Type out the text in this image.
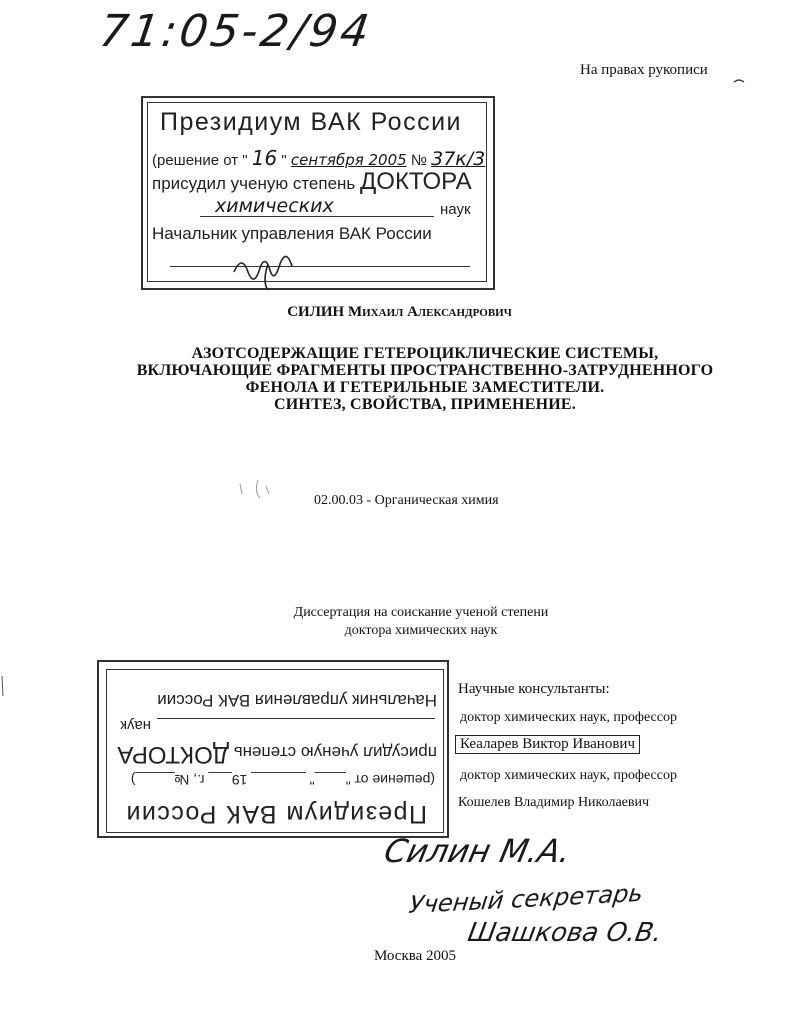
71:05-2/94
На правах рукописи
Президиум ВАК России
(решение от " 16 " сентября 2005 № 37к/3
присудил ученую степень ДОКТОРА
химических	наук
Начальник управления ВАК России
СИЛИН Михаил Александрович
АЗОТСОДЕРЖАЩИЕ ГЕТЕРОЦИКЛИЧЕСКИЕ СИСТЕМЫ,
ВКЛЮЧАЮЩИЕ ФРАГМЕНТЫ ПРОСТРАНСТВЕННО-ЗАТРУДНЕННОГО
ФЕНОЛА И ГЕТЕРИЛЬНЫЕ ЗАМЕСТИТЕЛИ.
СИНТЕЗ, СВОЙСТВА, ПРИМЕНЕНИЕ.
02.00.03 - Органическая химия
Диссертация на соискание ученой степени
доктора химических наук
Президиум ВАК России
(решение от "____" _______ 19___ г., №_____)
присудил ученую степень ДОКТОРА
наук
Начальник управления ВАК России
Научные консультанты:
доктор химических наук, профессор
Кеаларев Виктор Иванович
доктор химических наук, профессор
Кошелев Владимир Николаевич
Силин М.А.
Ученый секретарь
Шашкова О.В.
Москва 2005
